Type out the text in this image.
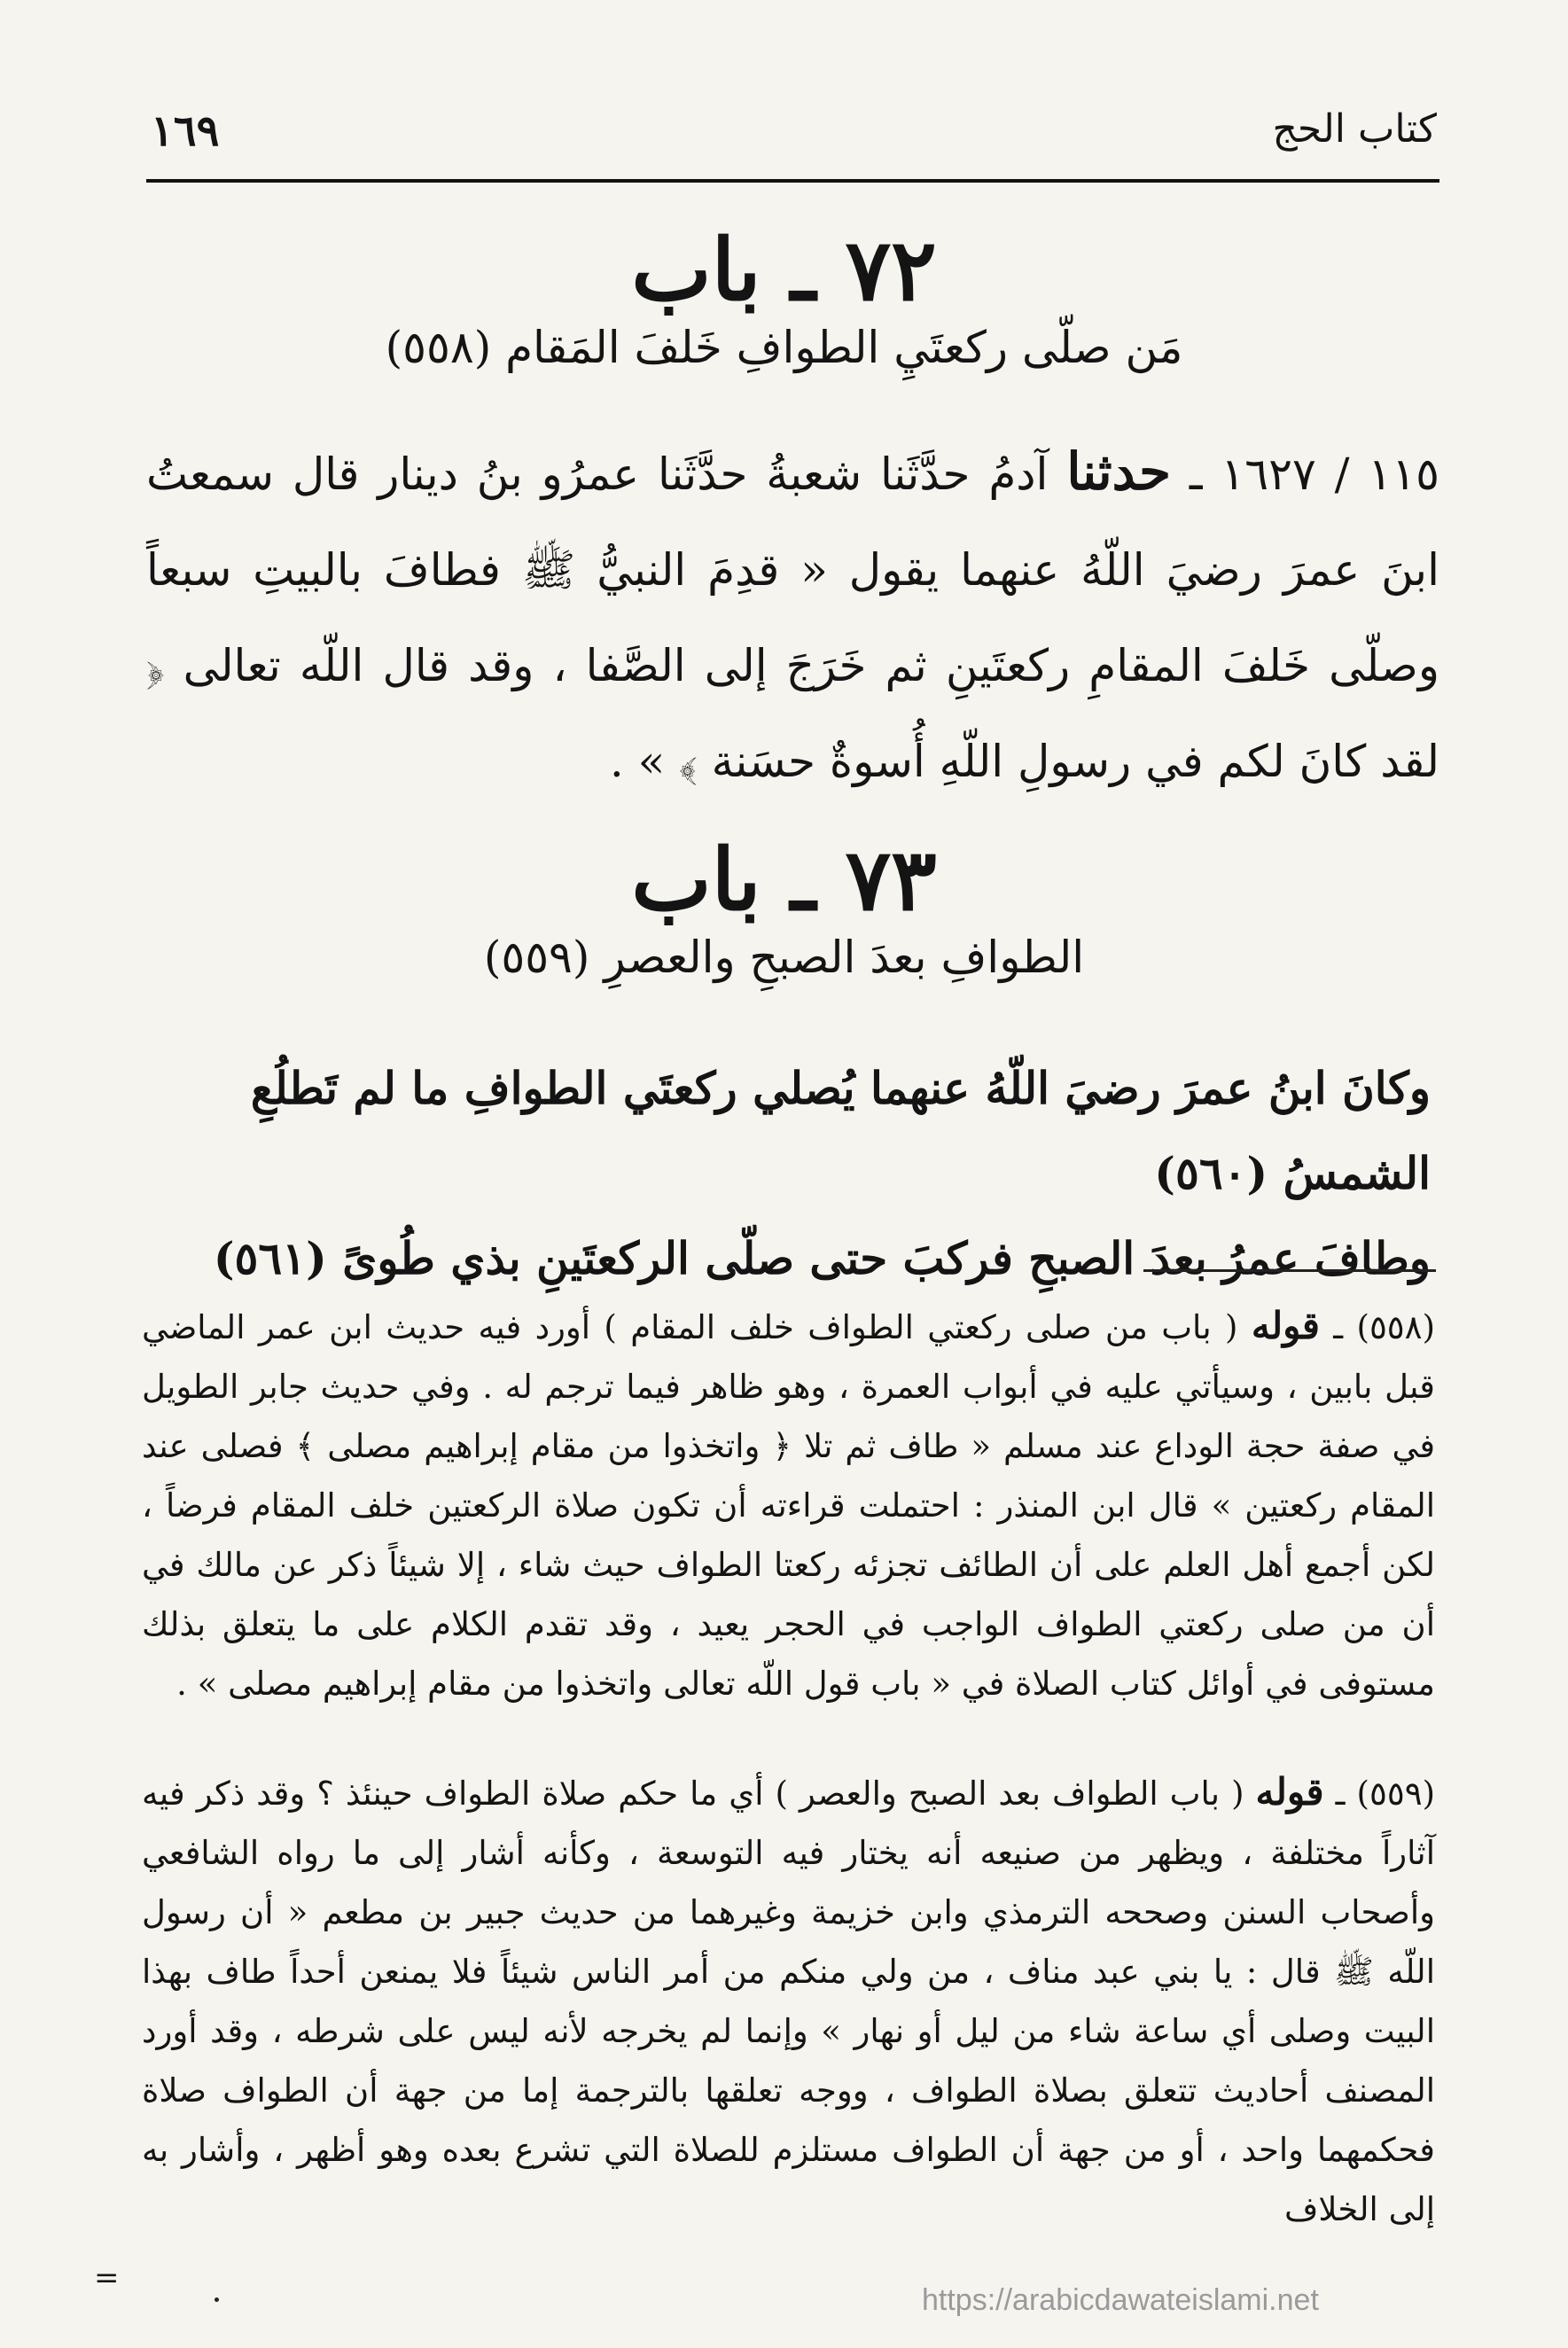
١٦٩	كتاب الحج
٧٢ ـ باب
مَن صلّى ركعتَيِ الطوافِ خَلفَ المَقام (٥٥٨)
١١٥ / ١٦٢٧ ـ حدثنا آدمُ حدَّثَنا شعبةُ حدَّثَنا عمرُو بنُ دينار قال سمعتُ ابنَ عمرَ رضيَ اللّهُ عنهما يقول « قدِمَ النبيُّ ﷺ فطافَ بالبيتِ سبعاً وصلّى خَلفَ المقامِ ركعتَينِ ثم خَرَجَ إلى الصَّفا ، وقد قال اللّه تعالى ﴿ لقد كانَ لكم في رسولِ اللّهِ أُسوةٌ حسَنة ﴾ » .
٧٣ ـ باب
الطوافِ بعدَ الصبحِ والعصرِ (٥٥٩)
وكانَ ابنُ عمرَ رضيَ اللّهُ عنهما يُصلي ركعتَي الطوافِ ما لم تَطلُعِ الشمسُ (٥٦٠)
وطافَ عمرُ بعدَ الصبحِ فركبَ حتى صلّى الركعتَينِ بذي طُوىً (٥٦١)
(٥٥٨) ـ قوله ( باب من صلى ركعتي الطواف خلف المقام ) أورد فيه حديث ابن عمر الماضي قبل بابين ، وسيأتي عليه في أبواب العمرة ، وهو ظاهر فيما ترجم له . وفي حديث جابر الطويل في صفة حجة الوداع عند مسلم « طاف ثم تلا ﴿ واتخذوا من مقام إبراهيم مصلى ﴾ فصلى عند المقام ركعتين » قال ابن المنذر : احتملت قراءته أن تكون صلاة الركعتين خلف المقام فرضاً ، لكن أجمع أهل العلم على أن الطائف تجزئه ركعتا الطواف حيث شاء ، إلا شيئاً ذكر عن مالك في أن من صلى ركعتي الطواف الواجب في الحجر يعيد ، وقد تقدم الكلام على ما يتعلق بذلك مستوفى في أوائل كتاب الصلاة في « باب قول اللّه تعالى واتخذوا من مقام إبراهيم مصلى » .
(٥٥٩) ـ قوله ( باب الطواف بعد الصبح والعصر ) أي ما حكم صلاة الطواف حينئذ ؟ وقد ذكر فيه آثاراً مختلفة ، ويظهر من صنيعه أنه يختار فيه التوسعة ، وكأنه أشار إلى ما رواه الشافعي وأصحاب السنن وصححه الترمذي وابن خزيمة وغيرهما من حديث جبير بن مطعم « أن رسول اللّه ﷺ قال : يا بني عبد مناف ، من ولي منكم من أمر الناس شيئاً فلا يمنعن أحداً طاف بهذا البيت وصلى أي ساعة شاء من ليل أو نهار » وإنما لم يخرجه لأنه ليس على شرطه ، وقد أورد المصنف أحاديث تتعلق بصلاة الطواف ، ووجه تعلقها بالترجمة إما من جهة أن الطواف صلاة فحكمهما واحد ، أو من جهة أن الطواف مستلزم للصلاة التي تشرع بعده وهو أظهر ، وأشار به إلى الخلاف
=
https://arabicdawateislami.net
